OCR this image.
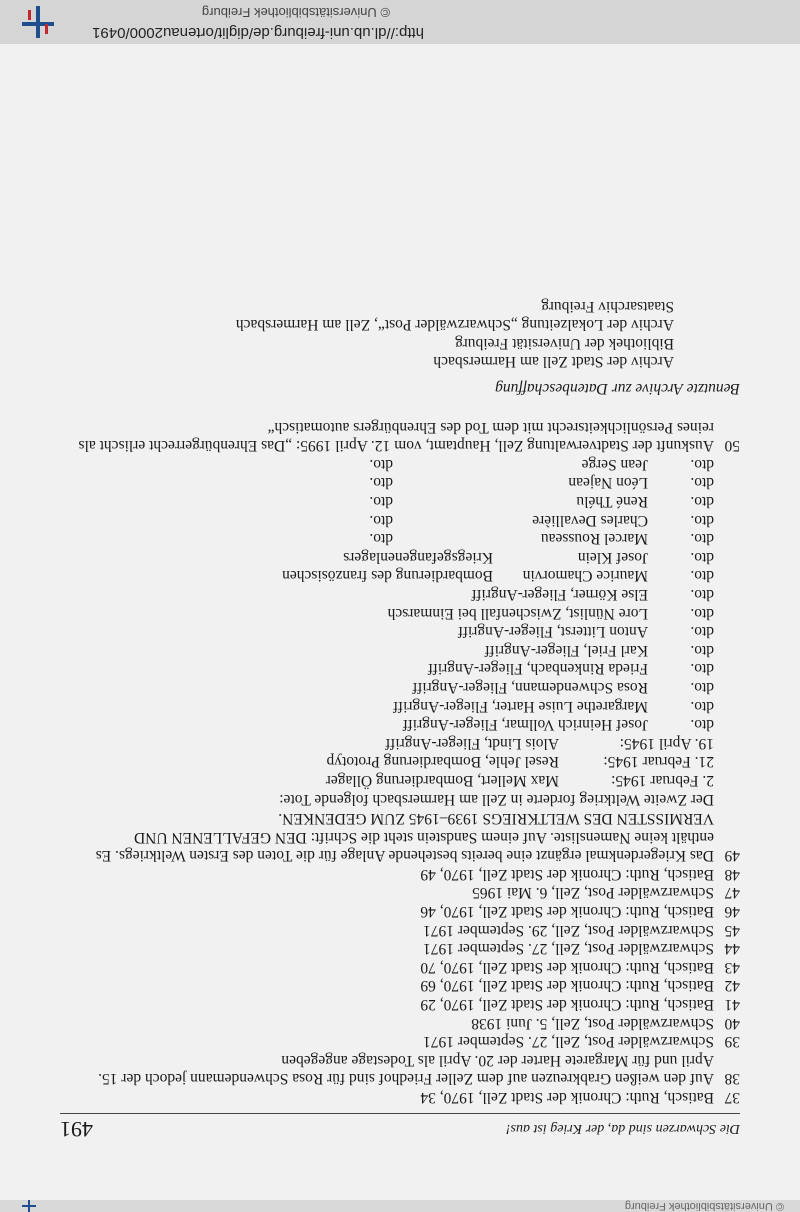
© Universitätsbibliothek Freiburg
Die Schwarzen sind da, der Krieg ist aus!
491
37
Batisch, Ruth: Chronik der Stadt Zell, 1970, 34
38
Auf den weißen Grabkreuzen auf dem Zeller Friedhof sind für Rosa Schwendemann jedoch der 15. April und für Margarete Harter der 20. April als Todestage angegeben
39
Schwarzwälder Post, Zell, 27. September 1971
40
Schwarzwälder Post, Zell, 5. Juni 1938
41
Batisch, Ruth: Chronik der Stadt Zell, 1970, 29
42
Batisch, Ruth: Chronik der Stadt Zell, 1970, 69
43
Batisch, Ruth: Chronik der Stadt Zell, 1970, 70
44
Schwarzwälder Post, Zell, 27. September 1971
45
Schwarzwälder Post, Zell, 29. September 1971
46
Batisch, Ruth: Chronik der Stadt Zell, 1970, 46
47
Schwarzwälder Post, Zell, 6. Mai 1965
48
Batisch, Ruth: Chronik der Stadt Zell, 1970, 49
49
Das Kriegerdenkmal ergänzt eine bereits bestehende Anlage für die Toten des Ersten Weltkriegs. Es enthält keine Namensliste. Auf einem Sandstein steht die Schrift: DEN GEFALLENEN UND VERMISSTEN DES WELTKRIEGS 1939–1945 ZUM GEDENKEN.
Der Zweite Weltkrieg forderte in Zell am Harmersbach folgende Tote:
2. Februar 1945:
Max Mellert, Bombardierung Öllager
21. Februar 1945:
Resel Jehle, Bombardierung Prototyp
19. April 1945:
Alois Lindt, Flieger-Angriff
dto.
Josef Heinrich Vollmar, Flieger-Angriff
dto.
Margarethe Luise Harter, Flieger-Angriff
dto.
Rosa Schwendemann, Flieger-Angriff
dto.
Frieda Rinkenbach, Flieger-Angriff
dto.
Karl Friel, Flieger-Angriff
dto.
Anton Litterst, Flieger-Angriff
dto.
Lore Nünlist, Zwischenfall bei Einmarsch
dto.
Else Körner, Flieger-Angriff
dto.
Maurice Chamorvin
Bombardierung des französischen
dto.
Josef Klein
Kriegsgefangenenlagers
dto.
Marcel Rousseau
dto.
dto.
Charles Devallière
dto.
dto.
René Thélu
dto.
dto.
Léon Najean
dto.
dto.
Jean Serge
dto.
50
Auskunft der Stadtverwaltung Zell, Hauptamt, vom 12. April 1995: „Das Ehrenbürgerrecht erlischt als reines Persönlichkeitsrecht mit dem Tod des Ehrenbürgers automatisch“
Benutzte Archive zur Datenbeschaffung
Archiv der Stadt Zell am Harmersbach
Bibliothek der Universität Freiburg
Archiv der Lokalzeitung „Schwarzwälder Post“, Zell am Harmersbach
Staatsarchiv Freiburg
http://dl.ub.uni-freiburg.de/diglit/ortenau2000/0491
© Universitätsbibliothek Freiburg
